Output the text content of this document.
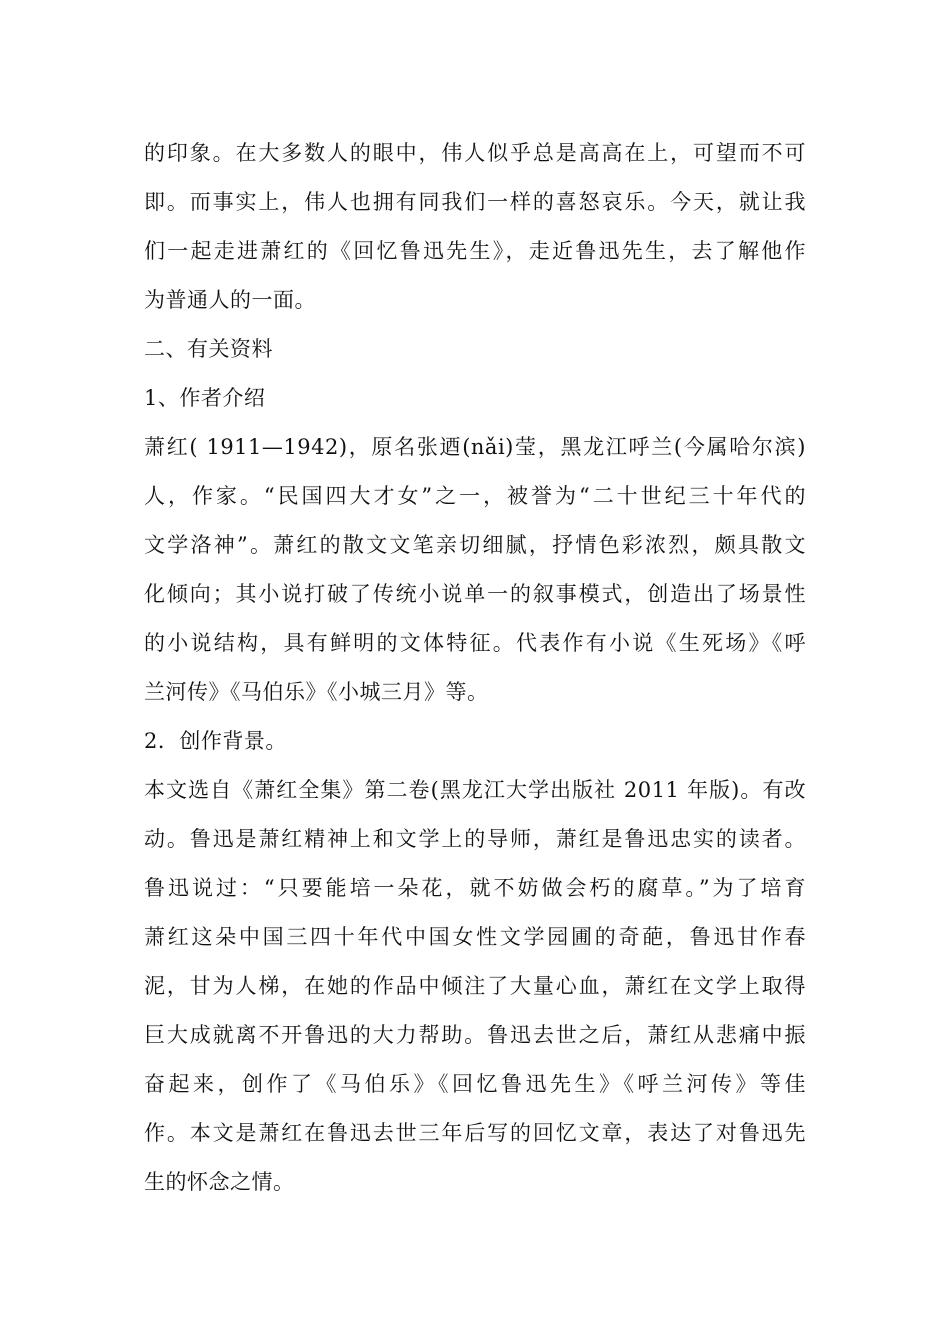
的印象。在大多数人的眼中，伟人似乎总是高高在上，可望而不可
即。而事实上，伟人也拥有同我们一样的喜怒哀乐。今天，就让我
们一起走进萧红的《回忆鲁迅先生》，走近鲁迅先生，去了解他作
为普通人的一面。
二、有关资料
1、作者介绍
萧红( 1911—1942)，原名张迺(nǎi)莹，黑龙江呼兰(今属哈尔滨)
人，作家。“民国四大才女”之一，被誉为“二十世纪三十年代的
文学洛神”。萧红的散文文笔亲切细腻，抒情色彩浓烈，颇具散文
化倾向；其小说打破了传统小说单一的叙事模式，创造出了场景性
的小说结构，具有鲜明的文体特征。代表作有小说《生死场》《呼
兰河传》《马伯乐》《小城三月》等。
2．创作背景。
本文选自《萧红全集》第二卷(黑龙江大学出版社 2011 年版)。有改
动。鲁迅是萧红精神上和文学上的导师，萧红是鲁迅忠实的读者。
鲁迅说过：“只要能培一朵花，就不妨做会朽的腐草。”为了培育
萧红这朵中国三四十年代中国女性文学园圃的奇葩，鲁迅甘作春
泥，甘为人梯，在她的作品中倾注了大量心血，萧红在文学上取得
巨大成就离不开鲁迅的大力帮助。鲁迅去世之后，萧红从悲痛中振
奋起来，创作了《马伯乐》《回忆鲁迅先生》《呼兰河传》等佳
作。本文是萧红在鲁迅去世三年后写的回忆文章，表达了对鲁迅先
生的怀念之情。
